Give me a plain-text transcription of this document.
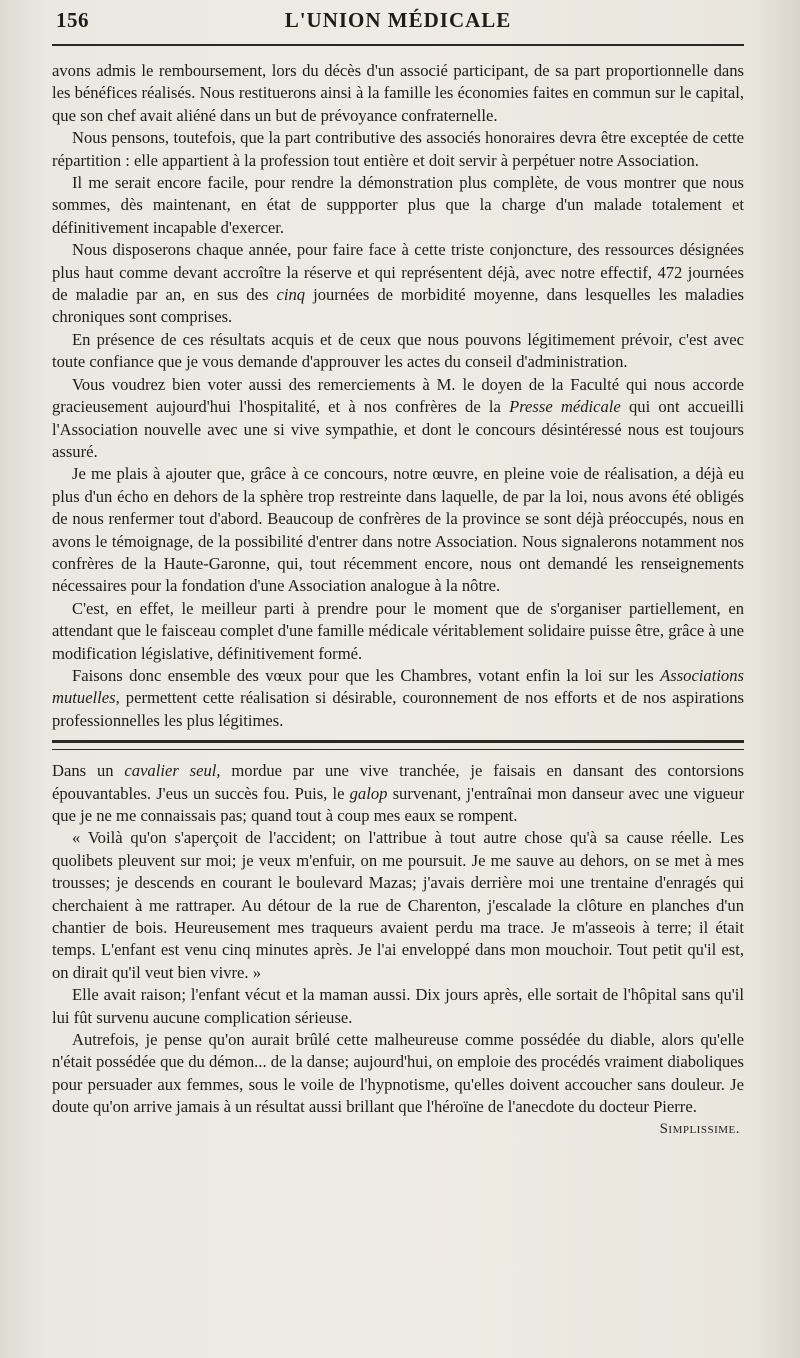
156	L'UNION MÉDICALE

avons admis le remboursement, lors du décès d'un associé participant, de sa part proportionnelle dans les bénéfices réalisés. Nous restituerons ainsi à la famille les économies faites en commun sur le capital, que son chef avait aliéné dans un but de prévoyance confraternelle.

Nous pensons, toutefois, que la part contributive des associés honoraires devra être exceptée de cette répartition : elle appartient à la profession tout entière et doit servir à perpétuer notre Association.

Il me serait encore facile, pour rendre la démonstration plus complète, de vous montrer que nous sommes, dès maintenant, en état de suppporter plus que la charge d'un malade totalement et définitivement incapable d'exercer.

Nous disposerons chaque année, pour faire face à cette triste conjoncture, des ressources désignées plus haut comme devant accroître la réserve et qui représentent déjà, avec notre effectif, 472 journées de maladie par an, en sus des cinq journées de morbidité moyenne, dans lesquelles les maladies chroniques sont comprises.

En présence de ces résultats acquis et de ceux que nous pouvons légitimement prévoir, c'est avec toute confiance que je vous demande d'approuver les actes du conseil d'administration.

Vous voudrez bien voter aussi des remerciements à M. le doyen de la Faculté qui nous accorde gracieusement aujourd'hui l'hospitalité, et à nos confrères de la Presse médicale qui ont accueilli l'Association nouvelle avec une si vive sympathie, et dont le concours désintéressé nous est toujours assuré.

Je me plais à ajouter que, grâce à ce concours, notre œuvre, en pleine voie de réalisation, a déjà eu plus d'un écho en dehors de la sphère trop restreinte dans laquelle, de par la loi, nous avons été obligés de nous renfermer tout d'abord. Beaucoup de confrères de la province se sont déjà préoccupés, nous en avons le témoignage, de la possibilité d'entrer dans notre Association. Nous signalerons notamment nos confrères de la Haute-Garonne, qui, tout récemment encore, nous ont demandé les renseignements nécessaires pour la fondation d'une Association analogue à la nôtre.

C'est, en effet, le meilleur parti à prendre pour le moment que de s'organiser partiellement, en attendant que le faisceau complet d'une famille médicale véritablement solidaire puisse être, grâce à une modification législative, définitivement formé.

Faisons donc ensemble des vœux pour que les Chambres, votant enfin la loi sur les Associations mutuelles, permettent cette réalisation si désirable, couronnement de nos efforts et de nos aspirations professionnelles les plus légitimes.

Dans un cavalier seul, mordue par une vive tranchée, je faisais en dansant des contorsions épouvantables. J'eus un succès fou. Puis, le galop survenant, j'entraînai mon danseur avec une vigueur que je ne me connaissais pas; quand tout à coup mes eaux se rompent.

« Voilà qu'on s'aperçoit de l'accident; on l'attribue à tout autre chose qu'à sa cause réelle. Les quolibets pleuvent sur moi; je veux m'enfuir, on me poursuit. Je me sauve au dehors, on se met à mes trousses; je descends en courant le boulevard Mazas; j'avais derrière moi une trentaine d'enragés qui cherchaient à me rattraper. Au détour de la rue de Charenton, j'escalade la clôture en planches d'un chantier de bois. Heureusement mes traqueurs avaient perdu ma trace. Je m'asseois à terre; il était temps. L'enfant est venu cinq minutes après. Je l'ai enveloppé dans mon mouchoir. Tout petit qu'il est, on dirait qu'il veut bien vivre. »

Elle avait raison; l'enfant vécut et la maman aussi. Dix jours après, elle sortait de l'hôpital sans qu'il lui fût survenu aucune complication sérieuse.

Autrefois, je pense qu'on aurait brûlé cette malheureuse comme possédée du diable, alors qu'elle n'était possédée que du démon... de la danse; aujourd'hui, on emploie des procédés vraiment diaboliques pour persuader aux femmes, sous le voile de l'hypnotisme, qu'elles doivent accoucher sans douleur. Je doute qu'on arrive jamais à un résultat aussi brillant que l'héroïne de l'anecdote du docteur Pierre.

Simplissime.
